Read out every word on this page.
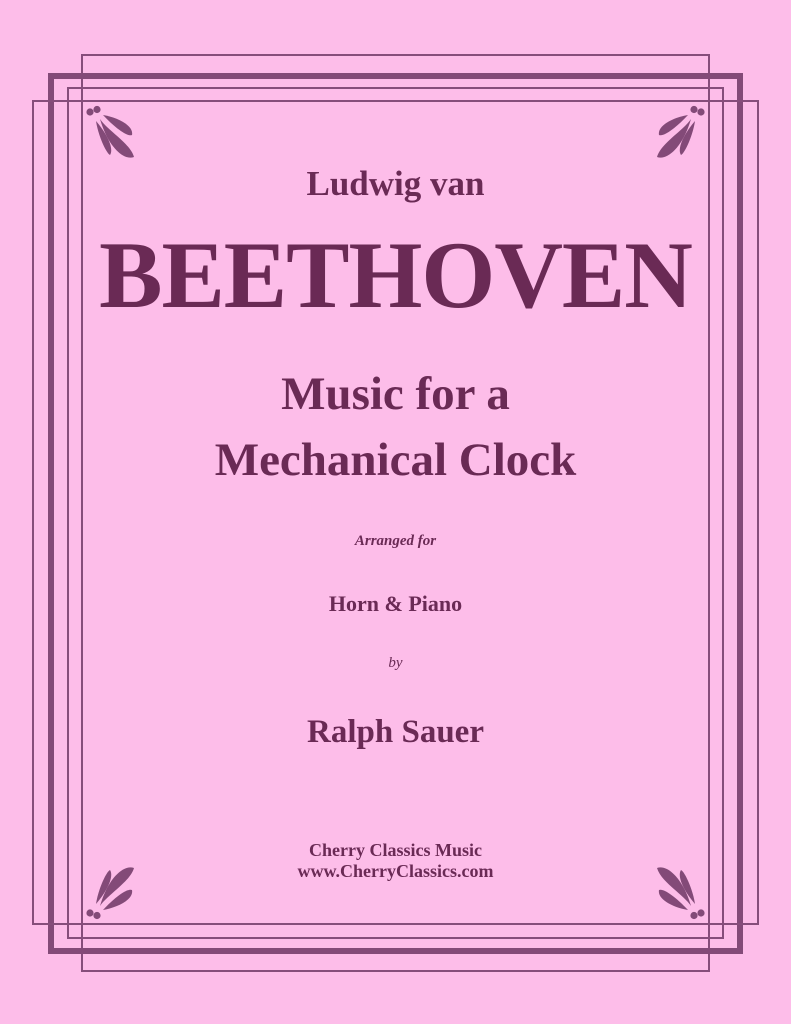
Ludwig van
BEETHOVEN
Music for a
Mechanical Clock
Arranged for
Horn & Piano
by
Ralph Sauer
Cherry Classics Music
www.CherryClassics.com
